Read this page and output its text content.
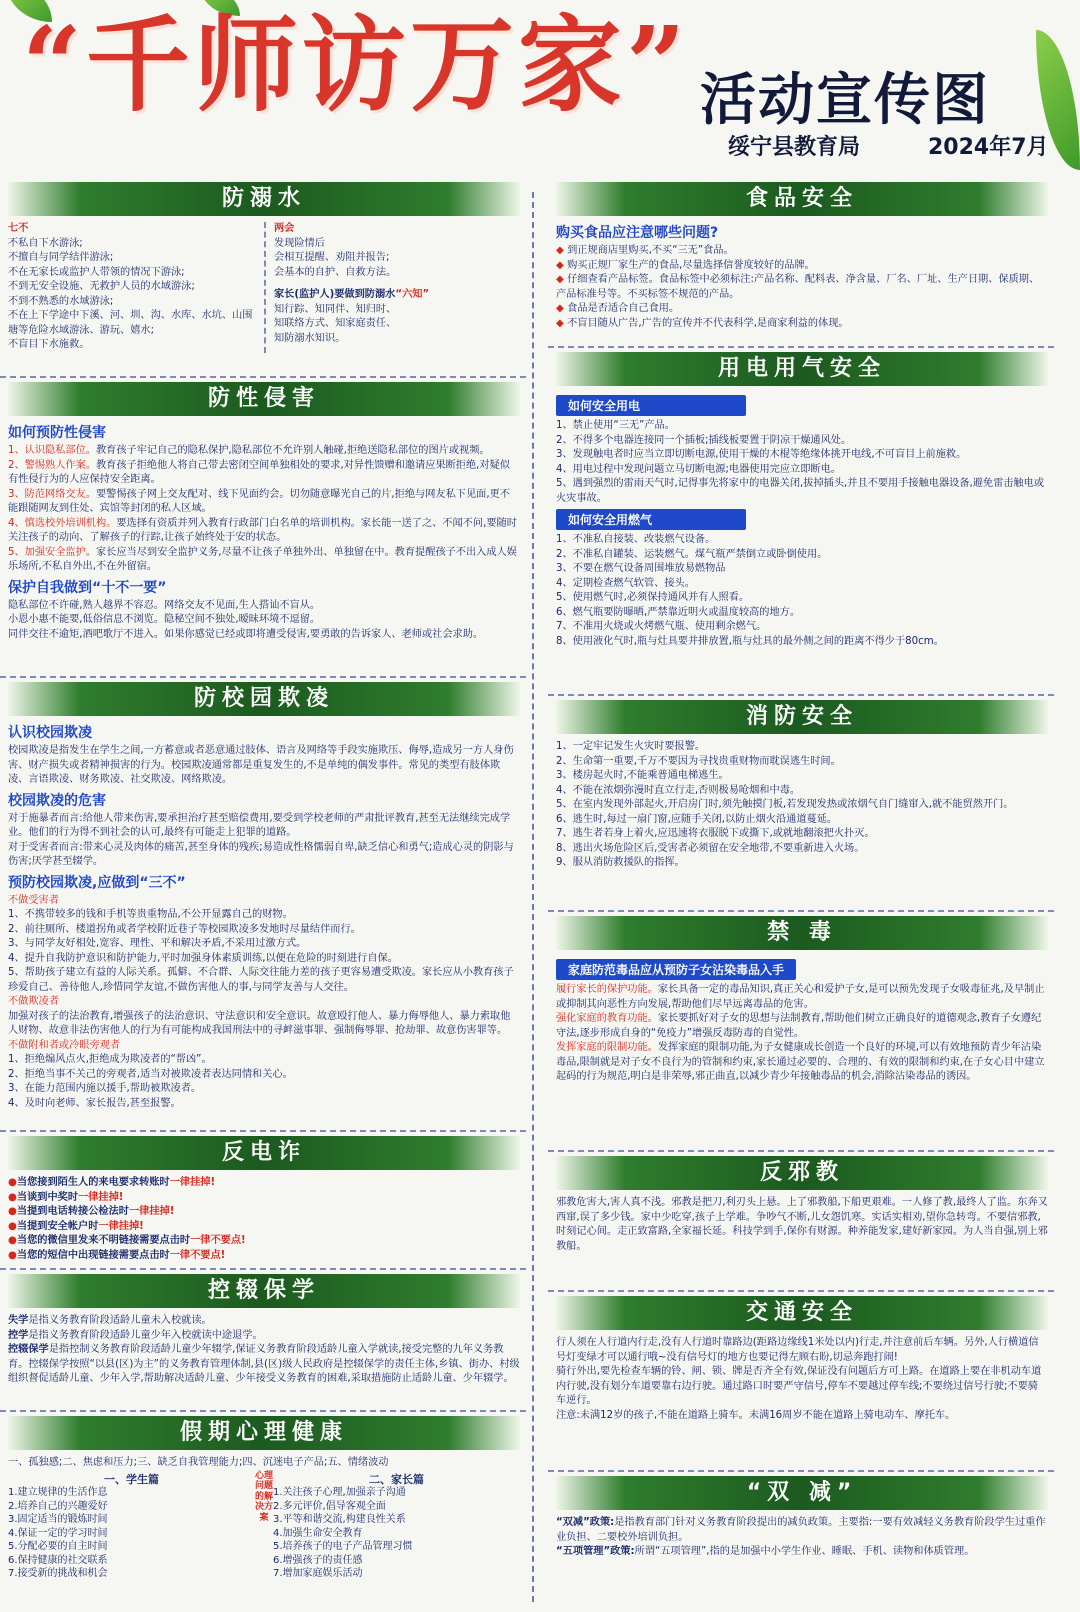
“千师访万家” 活动宣传图
绥宁县教育局	2024年7月
防溺水
七不
不私自下水游泳;
不擅自与同学结伴游泳;
不在无家长或监护人带领的情况下游泳;
不到无安全设施、无救护人员的水域游泳;
不到不熟悉的水域游泳;
不在上下学途中下溪、河、圳、沟、水库、水坑、山围塘等危险水域游泳、游玩、嬉水;
不盲目下水施救。
两会
发现险情后
会相互提醒、劝阻并报告;
会基本的自护、自救方法。
家长(监护人)要做到防溺水“六知”
知行踪、知同伴、知归时、
知联络方式、知家庭责任、
知防溺水知识。
防性侵害
如何预防性侵害
1、认识隐私部位。教育孩子牢记自己的隐私保护,隐私部位不允许别人触碰,拒绝送隐私部位的图片或视频。
2、警惕熟人作案。教育孩子拒绝他人将自己带去密闭空间单独相处的要求,对异性馈赠和邀请应果断拒绝,对疑似有性侵行为的人应保持安全距离。
3、防范网络交友。要警惕孩子网上交友配对、线下见面约会。切勿随意曝光自己的片,拒绝与网友私下见面,更不能跟随网友到住处、宾馆等封闭的私人区域。
4、慎选校外培训机构。要选择有资质并列入教育行政部门白名单的培训机构。家长能一送了之、不闻不问,要随时关注孩子的动向、了解孩子的行踪,让孩子始终处于安的状态。
5、加强安全监护。家长应当尽到安全监护义务,尽量不让孩子单独外出、单独留在中。教育提醒孩子不出入成人娱乐场所,不私自外出,不在外留宿。
保护自我做到“十不一要”
隐私部位不许碰,熟人越界不容忍。网络交友不见面,生人搭讪不盲从。
小恩小惠不能要,低俗信息不浏览。隐秘空间不独处,暧昧环境不逗留。
同伴交往不逾矩,酒吧歌厅不进入。如果你感觉已经或即将遭受侵害,要勇敢的告诉家人、老师或社会求助。
防校园欺凌
认识校园欺凌
校园欺凌是指发生在学生之间,一方蓄意或者恶意通过肢体、语言及网络等手段实施欺压、侮辱,造成另一方人身伤害、财产损失或者精神损害的行为。校园欺凌通常都是重复发生的,不是单纯的偶发事件。常见的类型有肢体欺凌、言语欺凌、财务欺凌、社交欺凌、网络欺凌。
校园欺凌的危害
对于施暴者而言:给他人带来伤害,要承担治疗甚至赔偿费用,要受到学校老师的严肃批评教育,甚至无法继续完成学业。他们的行为得不到社会的认可,最终有可能走上犯罪的道路。
对于受害者而言:带来心灵及肉体的痛苦,甚至身体的残疾;易造成性格懦弱自卑,缺乏信心和勇气;造成心灵的阴影与伤害;厌学甚至辍学。
预防校园欺凌,应做到“三不”
不做受害者
1、不携带较多的钱和手机等贵重物品,不公开显露自己的财物。
2、前往厕所、楼道拐角或者学校附近巷子等校园欺凌多发地时尽量结伴而行。
3、与同学友好相处,宽容、理性、平和解决矛盾,不采用过激方式。
4、提升自我防护意识和防护能力,平时加强身体素质训练,以便在危险的时刻进行自保。
5、帮助孩子建立有益的人际关系。孤僻、不合群、人际交往能力差的孩子更容易遭受欺凌。家长应从小教育孩子珍爱自己、善待他人,珍惜同学友谊,不做伤害他人的事,与同学友善与人交往。
不做欺凌者
加强对孩子的法治教育,增强孩子的法治意识、守法意识和安全意识。故意殴打他人、暴力侮辱他人、暴力索取他人财物、故意非法伤害他人的行为有可能构成我国刑法中的寻衅滋事罪、强制侮辱罪、抢劫罪、故意伤害罪等。
不做附和者或冷眼旁观者
1、拒绝煽风点火,拒绝成为欺凌者的“帮凶”。
2、拒绝当事不关己的旁观者,适当对被欺凌者表达同情和关心。
3、在能力范围内施以援手,帮助被欺凌者。
4、及时向老师、家长报告,甚至报警。
反电诈
●当您接到陌生人的来电要求转账时一律挂掉!
●当谈到中奖时一律挂掉!
●当提到电话转接公检法时一律挂掉!
●当提到安全帐户时一律挂掉!
●当您的微信里发来不明链接需要点击时一律不要点!
●当您的短信中出现链接需要点击时一律不要点!
控辍保学
失学是指义务教育阶段适龄儿童未入校就读。
控学是指义务教育阶段适龄儿童少年入校就读中途退学。
控辍保学是指控制义务教育阶段适龄儿童少年辍学,保证义务教育阶段适龄儿童入学就读,接受完整的九年义务教育。控辍保学按照“以县(区)为主”的义务教育管理体制,县(区)级人民政府是控辍保学的责任主体,乡镇、街办、村级组织督促适龄儿童、少年入学,帮助解决适龄儿童、少年接受义务教育的困难,采取措施防止适龄儿童、少年辍学。
假期心理健康
一、孤独感;二、焦虑和压力;三、缺乏自我管理能力;四、沉迷电子产品;五、情绪波动
一、学生篇
1.建立规律的生活作息
2.培养自己的兴趣爱好
3.固定适当的锻炼时间
4.保证一定的学习时间
5.分配必要的自主时间
6.保持健康的社交联系
7.接受新的挑战和机会
心理问题的解决方案
二、家长篇
1.关注孩子心理,加强亲子沟通
2.多元评价,倡导客观全面
3.平等和谐交流,构建良性关系
4.加强生命安全教育
5.培养孩子的电子产品管理习惯
6.增强孩子的责任感
7.增加家庭娱乐活动
食品安全
购买食品应注意哪些问题?
◆ 到正规商店里购买,不买“三无”食品。
◆ 购买正规厂家生产的食品,尽量选择信誉度较好的品牌。
◆ 仔细查看产品标签。食品标签中必须标注:产品名称、配料表、净含量、厂名、厂址、生产日期、保质期、产品标准号等。不买标签不规范的产品。
◆ 食品是否适合自己食用。
◆ 不盲目随从广告,广告的宣传并不代表科学,是商家利益的体现。
用电用气安全
如何安全用电
1、禁止使用“三无”产品。
2、不得多个电器连接同一个插板;插线板要置于阴凉干燥通风处。
3、发现触电者时应当立即切断电源,使用干燥的木棍等绝缘体挑开电线,不可盲目上前施救。
4、用电过程中发现问题立马切断电源;电器使用完应立即断电。
5、遇到强烈的雷雨天气时,记得事先将家中的电器关闭,拔掉插头,并且不要用手接触电器设备,避免雷击触电或火灾事故。
如何安全用燃气
1、不准私自接装、改装燃气设备。
2、不准私自罐装、运装燃气。煤气瓶严禁倒立或卧倒使用。
3、不要在燃气设备周围堆放易燃物品
4、定期检查燃气软管、接头。
5、使用燃气时,必须保持通风并有人照看。
6、燃气瓶要防曝晒,严禁靠近明火或温度较高的地方。
7、不准用火烧或火烤燃气瓶、使用剩余燃气。
8、使用液化气时,瓶与灶具要并排放置,瓶与灶具的最外侧之间的距离不得少于80cm。
消防安全
1、一定牢记发生火灾时要报警。
2、生命第一重要,千万不要因为寻找贵重财物而耽误逃生时间。
3、楼房起火时,不能乘普通电梯逃生。
4、不能在浓烟弥漫时直立行走,否则极易呛烟和中毒。
5、在室内发现外部起火,开启房门时,须先触摸门板,若发现发热或浓烟气自门缝窜入,就不能贸然开门。
6、逃生时,每过一扇门窗,应随手关闭,以防止烟火沿通道蔓延。
7、逃生者若身上着火,应迅速将衣服脱下或撕下,或就地翻滚把火扑灭。
8、逃出火场危险区后,受害者必须留在安全地带,不要重新进入火场。
9、服从消防救援队的指挥。
禁 毒
家庭防范毒品应从预防子女沾染毒品入手
履行家长的保护功能。家长具备一定的毒品知识,真正关心和爱护子女,是可以预先发现子女吸毒征兆,及早制止或抑制其向恶性方向发展,帮助他们尽早远离毒品的危害。
强化家庭的教育功能。家长要抓好对子女的思想与法制教育,帮助他们树立正确良好的道德观念,教育子女遵纪守法,逐步形成自身的“免疫力”增强反毒防毒的自觉性。
发挥家庭的限制功能。发挥家庭的限制功能,为子女健康成长创造一个良好的环境,可以有效地预防青少年沾染毒品,限制就是对子女不良行为的管制和约束,家长通过必要的、合理的、有效的限制和约束,在子女心目中建立起码的行为规范,明白是非荣辱,邪正曲直,以减少青少年接触毒品的机会,消除沾染毒品的诱因。
反邪教
邪教危害大,害人真不浅。邪教是把刀,利刃头上悬。上了邪教船,下船更艰难。一人修了教,最终人了监。东奔又西窜,误了多少钱。家中少吃穿,孩子上学难。争吵气不断,儿女怨饥寒。实话实相劝,望你急转弯。不要信邪教,时刻记心间。走正致富路,全家福长延。科技学到手,保你有财源。种养能发家,建好新家园。为人当自强,别上邪教船。
交通安全
行人须在人行道内行走,没有人行道时靠路边(距路边缘线1米处以内)行走,并注意前后车辆。另外,人行横道信号灯变绿才可以通行哦~没有信号灯的地方也要记得左顾右盼,切忌奔跑打闹!
骑行外出,要先检查车辆的铃、闸、锁、牌是否齐全有效,保证没有问题后方可上路。在道路上要在非机动车道内行驶,没有划分车道要靠右边行驶。通过路口时要严守信号,停车不要越过停车线;不要绕过信号行驶;不要骑车逆行。
注意:未满12岁的孩子,不能在道路上骑车。未满16周岁不能在道路上骑电动车、摩托车。
“双 减”
“双减”政策:是指教育部门针对义务教育阶段提出的减负政策。主要指:一要有效减轻义务教育阶段学生过重作业负担、二要校外培训负担。
“五项管理”政策:所谓“五项管理”,指的是加强中小学生作业、睡眠、手机、读物和体质管理。
